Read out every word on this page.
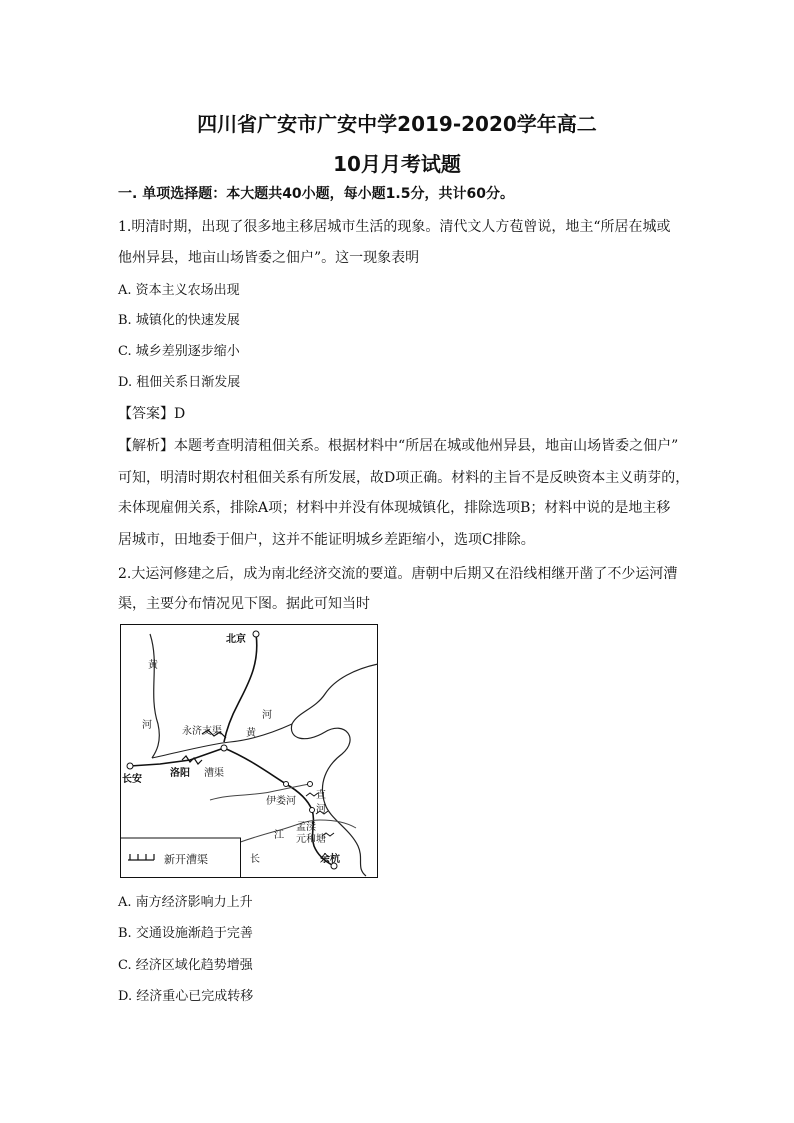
四川省广安市广安中学2019-2020学年高二
10月月考试题
一. 单项选择题：本大题共40小题，每小题1.5分，共计60分。
1.明清时期，出现了很多地主移居城市生活的现象。清代文人方苞曾说，地主“所居在城或
他州异县，地亩山场皆委之佃户”。这一现象表明
A. 资本主义农场出现
B. 城镇化的快速发展
C. 城乡差别逐步缩小
D. 租佃关系日渐发展
【答案】D
【解析】本题考查明清租佃关系。根据材料中“所居在城或他州异县，地亩山场皆委之佃户”
可知，明清时期农村租佃关系有所发展，故D项正确。材料的主旨不是反映资本主义萌芽的，
未体现雇佣关系，排除A项；材料中并没有体现城镇化，排除选项B；材料中说的是地主移
居城市，田地委于佃户，这并不能证明城乡差距缩小，选项C排除。
2.大运河修建之后，成为南北经济交流的要道。唐朝中后期又在沿线相继开凿了不少运河漕
渠，主要分布情况见下图。据此可知当时
北京
黄
河
河
黄
永济支渠
长安
洛阳 漕渠
伊娄河
直
河
孟渎
江 元和塘
长	余杭
新开漕渠
A. 南方经济影响力上升
B. 交通设施渐趋于完善
C. 经济区域化趋势增强
D. 经济重心已完成转移
